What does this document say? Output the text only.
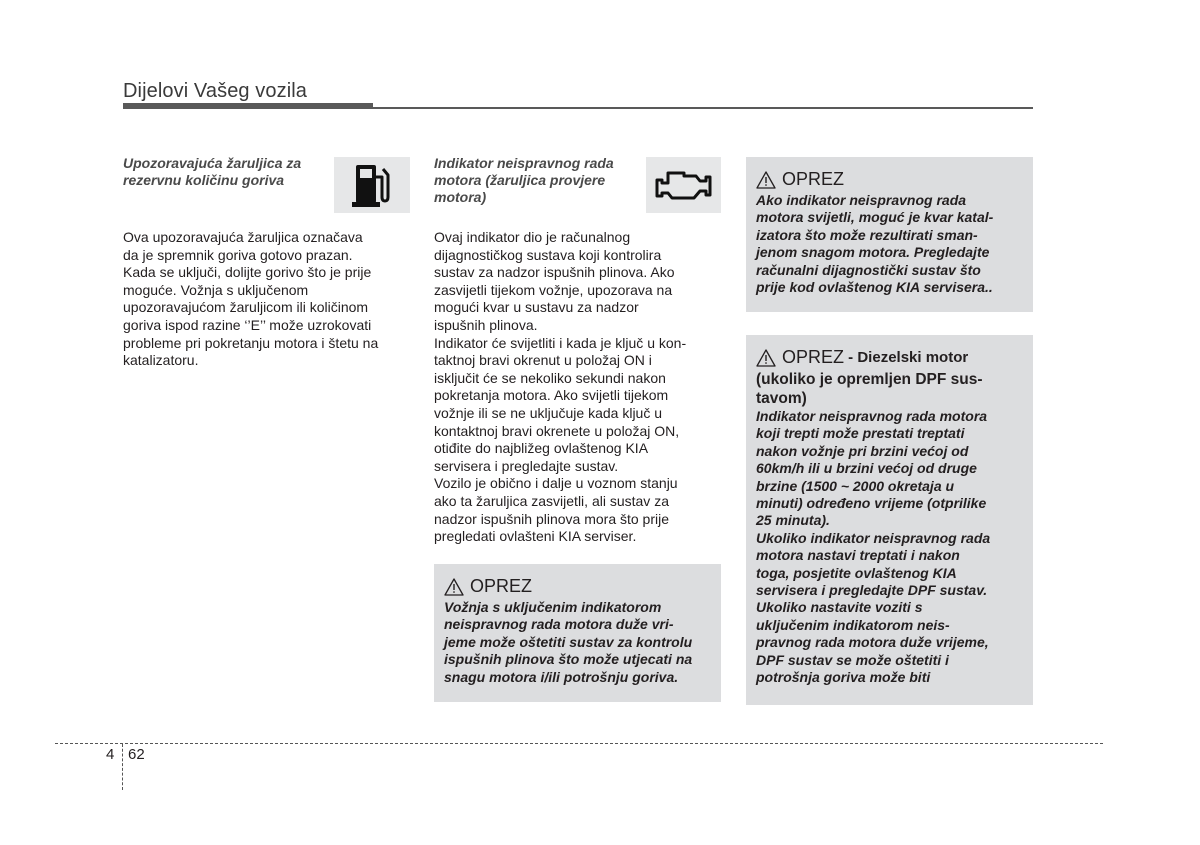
Dijelovi Vašeg vozila
Upozoravajuća žaruljica za rezervnu količinu goriva

Ova upozoravajuća žaruljica označava

da je spremnik goriva gotovo prazan.

Kada se uključi, dolijte gorivo što je prije

moguće. Vožnja s uključenom

upozoravajućom žaruljicom ili količinom

goriva ispod razine ‘’E’’ može uzrokovati

probleme pri pokretanju motora i štetu na

katalizatoru.

Indikator neispravnog rada motora (žaruljica provjere motora)

Ovaj indikator dio je računalnog

dijagnostičkog sustava koji kontrolira

sustav za nadzor ispušnih plinova. Ako

zasvijetli tijekom vožnje, upozorava na

mogući kvar u sustavu za nadzor

ispušnih plinova.

Indikator će svijetliti i kada je ključ u kon-

taktnoj bravi okrenut u položaj ON i

isključit će se nekoliko sekundi nakon

pokretanja motora. Ako svijetli tijekom

vožnje ili se ne uključuje kada ključ u

kontaktnoj bravi okrenete u položaj ON,

otiđite do najbližeg ovlaštenog KIA

servisera i pregledajte sustav.

Vozilo je obično i dalje u voznom stanju

ako ta žaruljica zasvijetli, ali sustav za

nadzor ispušnih plinova mora što prije

pregledati ovlašteni KIA serviser.

OPREZ
Vožnja s uključenim indikatorom
neispravnog rada motora duže vri-
jeme može oštetiti sustav za kontrolu
ispušnih plinova što može utjecati na
snagu motora i/ili potrošnju goriva.
OPREZ
Ako indikator neispravnog rada
motora svijetli, moguć je kvar katal-
izatora što može rezultirati sman-
jenom snagom motora. Pregledajte
računalni dijagnostički sustav što
prije kod ovlaštenog KIA servisera..
OPREZ - Diezelski motor
(ukoliko je opremljen DPF sus-
tavom)
Indikator neispravnog rada motora
koji trepti može prestati treptati
nakon vožnje pri brzini većoj od
60km/h ili u brzini većoj od druge
brzine (1500 ~ 2000 okretaja u
minuti) određeno vrijeme (otprilike
25 minuta).
Ukoliko indikator neispravnog rada
motora nastavi treptati i nakon
toga, posjetite ovlaštenog KIA
servisera i pregledajte DPF sustav.
Ukoliko nastavite voziti s
uključenim indikatorom neis-
pravnog rada motora duže vrijeme,
DPF sustav se može oštetiti i
potrošnja goriva može biti
4 62
